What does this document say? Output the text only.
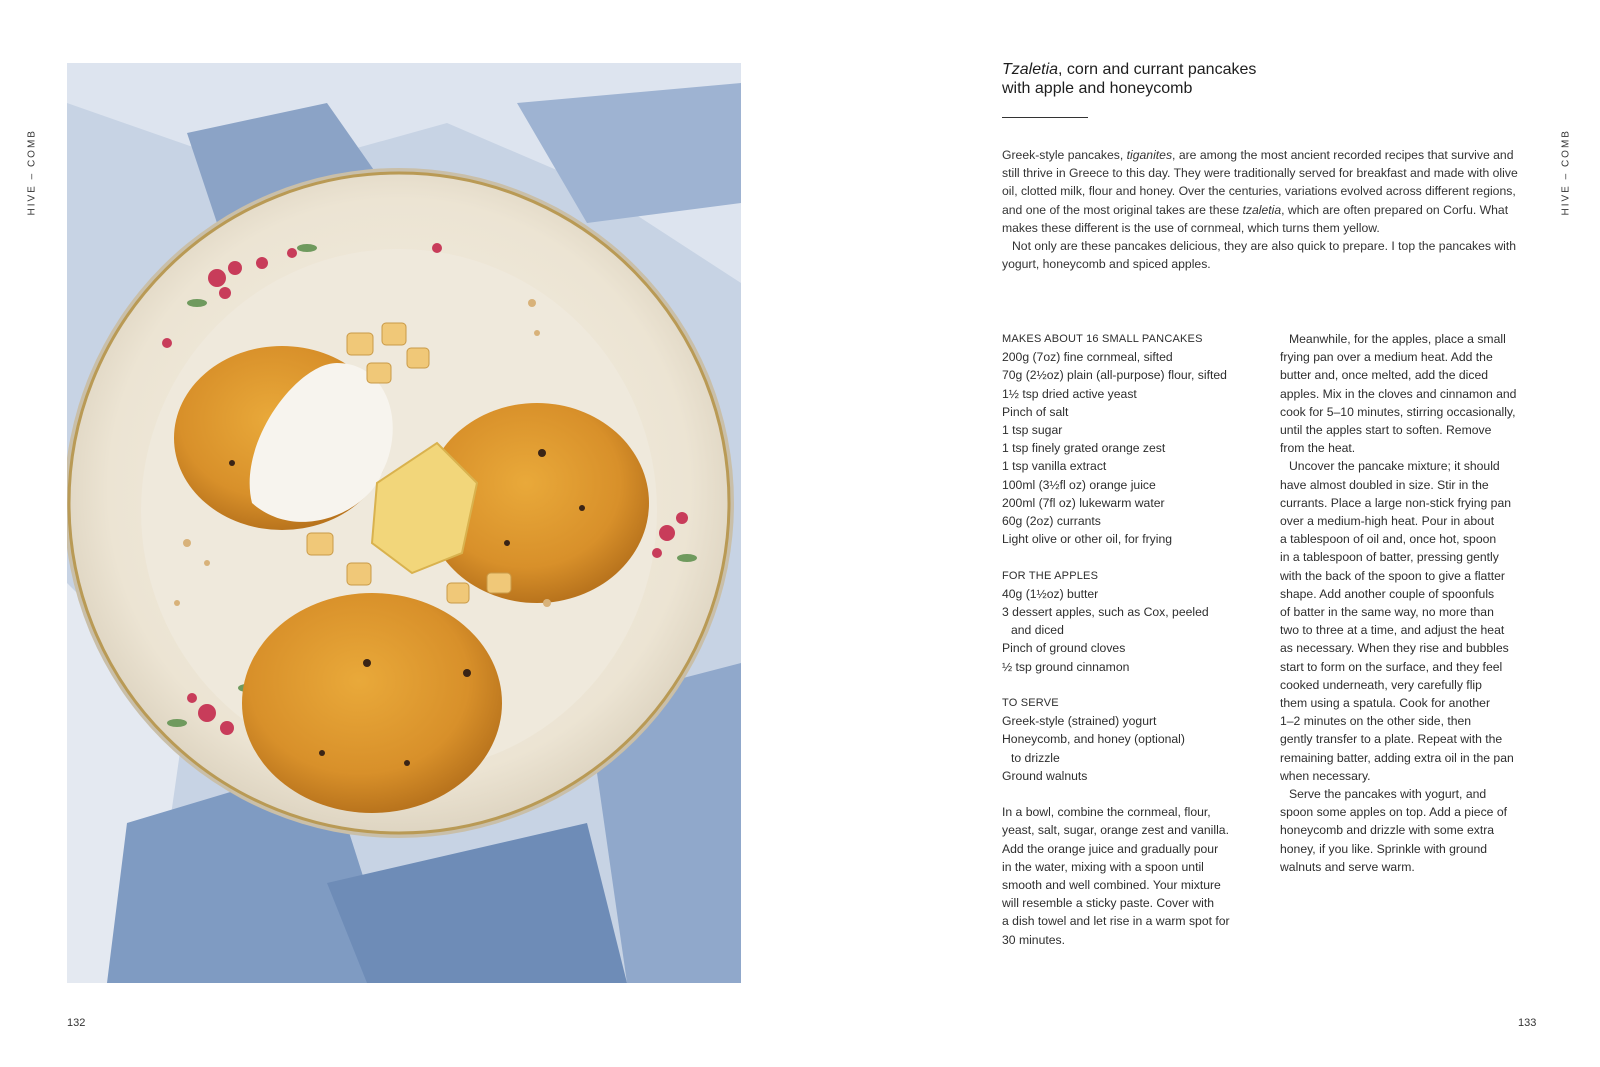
HIVE – COMB	HIVE – COMB
132	133
Tzaletia, corn and currant pancakes
with apple and honeycomb

Greek-style pancakes, tiganites, are among the most ancient recorded recipes that survive and still thrive in Greece to this day. They were traditionally served for breakfast and made with olive oil, clotted milk, flour and honey. Over the centuries, variations evolved across different regions, and one of the most original takes are these tzaletia, which are often prepared on Corfu. What makes these different is the use of cornmeal, which turns them yellow.

Not only are these pancakes delicious, they are also quick to prepare. I top the pancakes with yogurt, honeycomb and spiced apples.

MAKES ABOUT 16 SMALL PANCAKES
200g (7oz) fine cornmeal, sifted
70g (2½oz) plain (all-purpose) flour, sifted
1½ tsp dried active yeast
Pinch of salt
1 tsp sugar
1 tsp finely grated orange zest
1 tsp vanilla extract
100ml (3½fl oz) orange juice
200ml (7fl oz) lukewarm water
60g (2oz) currants
Light olive or other oil, for frying
FOR THE APPLES
40g (1½oz) butter
3 dessert apples, such as Cox, peeled
and diced
Pinch of ground cloves
½ tsp ground cinnamon
TO SERVE
Greek-style (strained) yogurt
Honeycomb, and honey (optional)
to drizzle
Ground walnuts
In a bowl, combine the cornmeal, flour,
yeast, salt, sugar, orange zest and vanilla.
Add the orange juice and gradually pour
in the water, mixing with a spoon until
smooth and well combined. Your mixture
will resemble a sticky paste. Cover with
a dish towel and let rise in a warm spot for
30 minutes.
Meanwhile, for the apples, place a small
frying pan over a medium heat. Add the
butter and, once melted, add the diced
apples. Mix in the cloves and cinnamon and
cook for 5–10 minutes, stirring occasionally,
until the apples start to soften. Remove
from the heat.
Uncover the pancake mixture; it should
have almost doubled in size. Stir in the
currants. Place a large non-stick frying pan
over a medium-high heat. Pour in about
a tablespoon of oil and, once hot, spoon
in a tablespoon of batter, pressing gently
with the back of the spoon to give a flatter
shape. Add another couple of spoonfuls
of batter in the same way, no more than
two to three at a time, and adjust the heat
as necessary. When they rise and bubbles
start to form on the surface, and they feel
cooked underneath, very carefully flip
them using a spatula. Cook for another
1–2 minutes on the other side, then
gently transfer to a plate. Repeat with the
remaining batter, adding extra oil in the pan
when necessary.
Serve the pancakes with yogurt, and
spoon some apples on top. Add a piece of
honeycomb and drizzle with some extra
honey, if you like. Sprinkle with ground
walnuts and serve warm.
